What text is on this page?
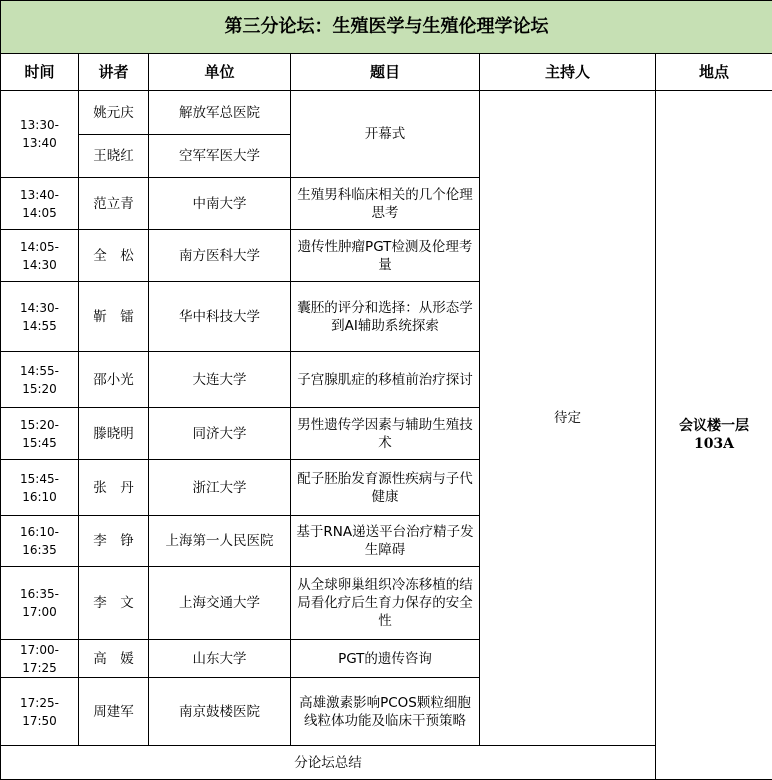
第三分论坛：生殖医学与生殖伦理学论坛					
时间	讲者	单位	题目	主持人	地点
13:30-13:40	姚元庆	解放军总医院	开幕式	待定	会议楼一层
103A

	王晓红	空军军医大学			
13:40-14:05	范立青	中南大学	生殖男科临床相关的几个伦理思考		
14:05-14:30	全　松	南方医科大学	遗传性肿瘤PGT检测及伦理考量		
14:30-14:55	靳　镭	华中科技大学	囊胚的评分和选择：从形态学到AI辅助系统探索		
14:55-15:20	邵小光	大连大学	子宫腺肌症的移植前治疗探讨		
15:20-15:45	滕晓明	同济大学	男性遗传学因素与辅助生殖技术		
15:45-16:10	张　丹	浙江大学	配子胚胎发育源性疾病与子代健康		
16:10-16:35	李　铮	上海第一人民医院	基于RNA递送平台治疗精子发生障碍		
16:35-17:00	李　文	上海交通大学	从全球卵巢组织冷冻移植的结局看化疗后生育力保存的安全性		
17:00-17:25	高　媛	山东大学	PGT的遗传咨询		
17:25-17:50	周建军	南京鼓楼医院	高雄激素影响PCOS颗粒细胞线粒体功能及临床干预策略		
分论坛总结					
